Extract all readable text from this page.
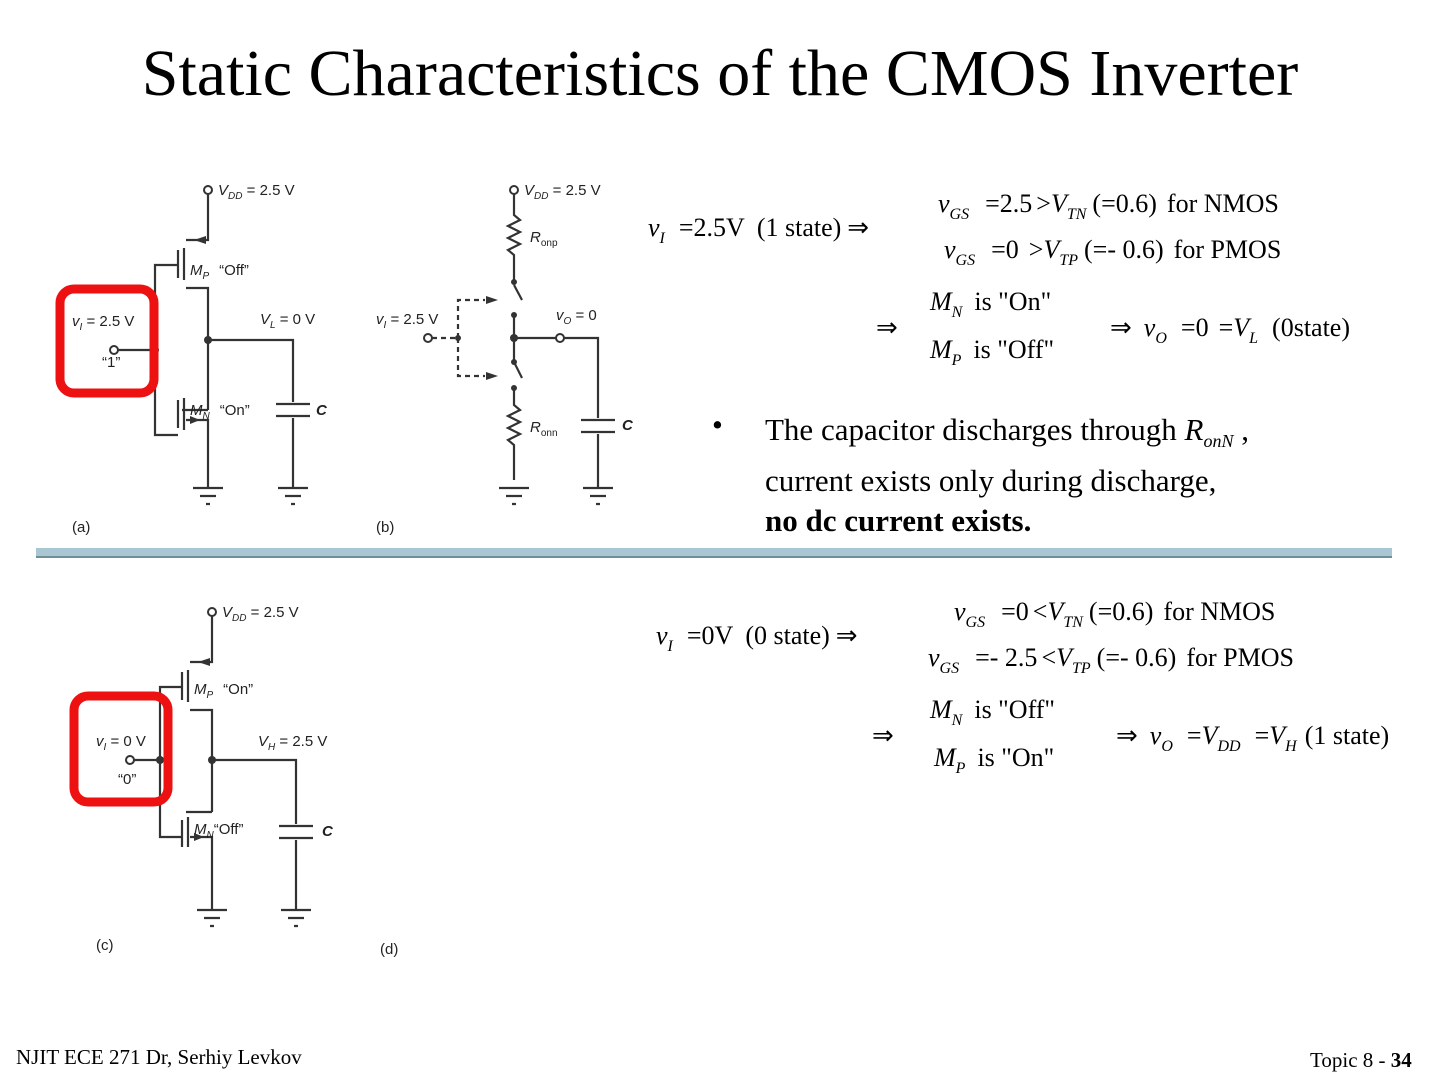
Static Characteristics of the CMOS Inverter
$V_{DD} = 2.5$ V
$M_P$ “Off”
$M_N$ “On”
$v_I = 2.5$ V
“1”
$V_L = 0$ V
C
(a)
$V_{DD} = 2.5$ V
$R_{onp}$
$R_{onn}$
$v_I = 2.5$ V	$v_O = 0$
C
(b)
$V_{DD} = 2.5$ V
$M_P$ “On”
$M_N“Off$”
$v_I = 0$ V
“0”
$V_H = 2.5$ V
C
(c)	(d)
$v_I =2.5V$ (1 state) ⇒
$v_{GS} =2.5 >V_{TN}$ (=0.6) for NMOS
$v_{GS} =0 >V_{TP}$ (=- 0.6) for PMOS
⇒
$M_N$ is "On"
$M_P$ is "Off"
⇒ $v_O =0 =V_L$ (0state)
• The capacitor discharges through $R_{onN}$ ,
current exists only during discharge,
no dc current exists.
$v_I =0V$ (0 state) ⇒
$v_{GS} =0 <V_{TN}$ (=0.6) for NMOS
$v_{GS} =- 2.5 <V_{TP}$ (=- 0.6) for PMOS
⇒
$M_N$ is "Off"
$M_P$ is "On"
⇒ $v_O =V_{DD} =V_H$ (1 state)
NJIT ECE 271 Dr, Serhiy Levkov	Topic 8 - 34
